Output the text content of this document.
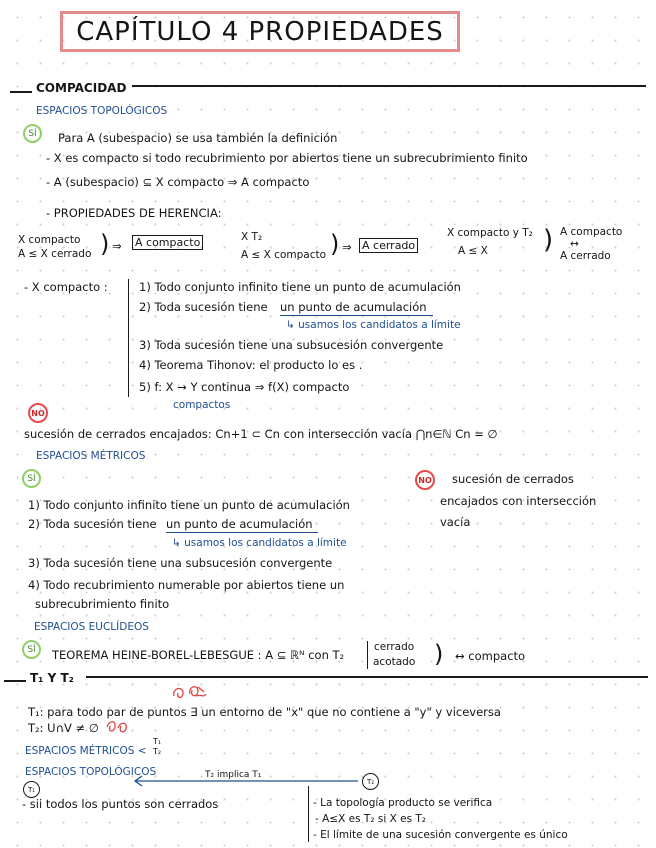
CAPÍTULO 4 PROPIEDADES
COMPACIDAD
ESPACIOS TOPOLÓGICOS
SÍ Para A (subespacio) se usa también la definición
- X es compacto si todo recubrimiento por abiertos tiene un subrecubrimiento finito
- A (subespacio) ⊆ X compacto ⇒ A compacto
- PROPIEDADES DE HERENCIA:
X compacto
A ≤ X cerrado ) ⇒ A compacto	X T₂
A ≤ X compacto ) ⇒ A cerrado
X compacto y T₂
A ≤ X ) A compacto
↔
A cerrado
- X compacto :	1) Todo conjunto infinito tiene un punto de acumulación
2) Toda sucesión tiene un punto de acumulación
↳ usamos los candidatos a límite
3) Toda sucesión tiene una subsucesión convergente
4) Teorema Tihonov: el producto lo es .
5) f: X → Y continua ⇒ f(X) compacto
compactos
NO
sucesión de cerrados encajados: Cn+1 ⊂ Cn con intersección vacía ⋂n∈ℕ Cn = ∅
ESPACIOS MÉTRICOS
SÍ
1) Todo conjunto infinito tiene un punto de acumulación
2) Toda sucesión tiene un punto de acumulación
↳ usamos los candidatos a límite
3) Toda sucesión tiene una subsucesión convergente
4) Todo recubrimiento numerable por abiertos tiene un
subrecubrimiento finito
NO sucesión de cerrados
encajados con intersección
vacía
ESPACIOS EUCLÍDEOS
SÍ TEOREMA HEINE-BOREL-LEBESGUE : A ⊆ ℝᴺ con T₂
cerrado
acotado ) ↔ compacto
T₁ Y T₂
T₁: para todo par de puntos ∃ un entorno de "x" que no contiene a "y" y viceversa
T₂: U∩V ≠ ∅
ESPACIOS MÉTRICOS <
T₁
T₂
ESPACIOS TOPOLÓGICOS	T₂ implica T₁
T₁
T₂
- sii todos los puntos son cerrados	- La topología producto se verifica
- A≤X es T₂ si X es T₂
- El límite de una sucesión convergente es único
